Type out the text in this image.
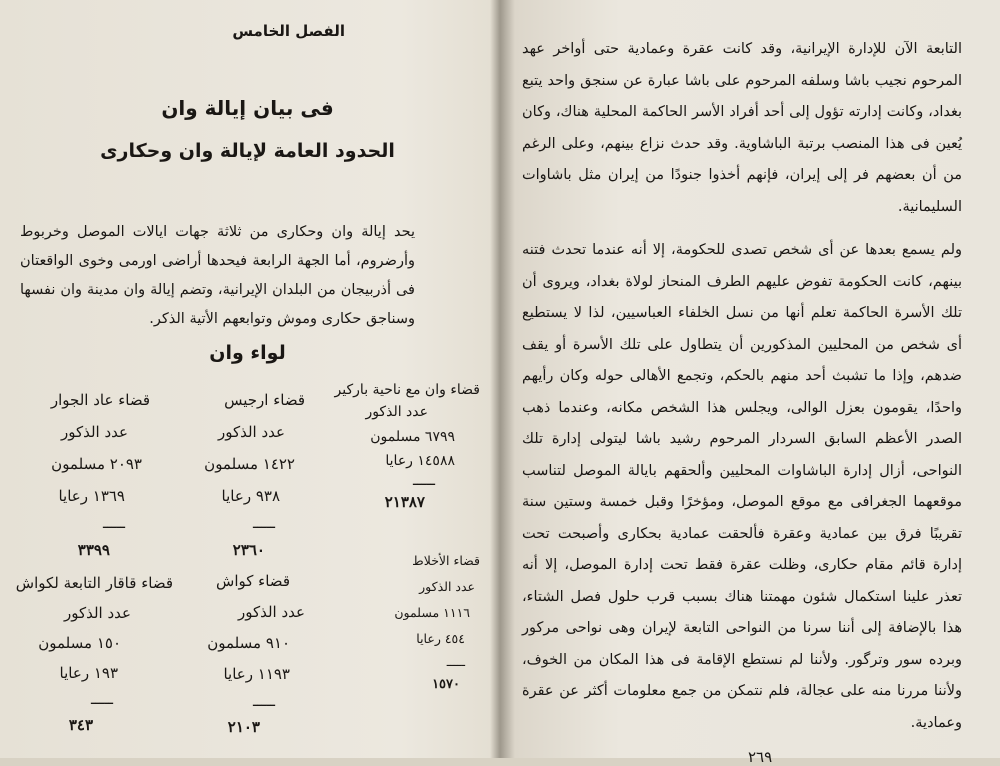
الفصل الخامس
فى بيان إيالة وان
الحدود العامة لإيالة وان وحكارى
يحد إيالة وان وحكارى من ثلاثة جهات ايالات الموصل وخربوط وأرضروم، أما الجهة الرابعة فيحدها أراضى اورمى وخوى الواقعتان فى أذربيجان من البلدان الإيرانية، وتضم إيالة وان مدينة وان نفسها وسناجق حكارى وموش وتوابعهم الأتية الذكر.
لواء وان
قضاء وان مع ناحية باركير
عدد الذكور
٦٧٩٩ مسلمون
١٤٥٨٨ رعايا
ـــــ
٢١٣٨٧
قضاء ارجيس
عدد الذكور
١٤٢٢ مسلمون
٩٣٨ رعايا
ـــــ
٢٣٦٠
قضاء عاد الجوار
عدد الذكور
٢٠٩٣ مسلمون
١٣٦٩ رعايا
ـــــ
٣٣٩٩
قضاء الأخلاط
عدد الذكور
١١١٦ مسلمون
٤٥٤ رعايا
ـــــ
١٥٧٠
قضاء كواش
عدد الذكور
٩١٠ مسلمون
١١٩٣ رعايا
ـــــ
٢١٠٣
قضاء قاقار التابعة لكواش
عدد الذكور
١٥٠ مسلمون
١٩٣ رعايا
ـــــ
٣٤٣

التابعة الآن للإدارة الإيرانية، وقد كانت عقرة وعمادية حتى أواخر عهد المرحوم نجيب باشا وسلفه المرحوم على باشا عبارة عن سنجق واحد يتبع بغداد، وكانت إدارته تؤول إلى أحد أفراد الأسر الحاكمة المحلية هناك، وكان يُعين فى هذا المنصب برتبة الباشاوية. وقد حدث نزاع بينهم، وعلى الرغم من أن بعضهم فر إلى إيران، فإنهم أخذوا جنودًا من إيران مثل باشاوات السليمانية.

ولم يسمع بعدها عن أى شخص تصدى للحكومة، إلا أنه عندما تحدث فتنه بينهم، كانت الحكومة تفوض عليهم الطرف المنحاز لولاة بغداد، ويروى أن تلك الأسرة الحاكمة تعلم أنها من نسل الخلفاء العباسيين، لذا لا يستطيع أى شخص من المحليين المذكورين أن يتطاول على تلك الأسرة أو يقف ضدهم، وإذا ما تشبث أحد منهم بالحكم، وتجمع الأهالى حوله وكان رأيهم واحدًا، يقومون بعزل الوالى، ويجلس هذا الشخص مكانه، وعندما ذهب الصدر الأعظم السابق السردار المرحوم رشيد باشا ليتولى إدارة تلك النواحى، أزال إدارة الباشاوات المحليين وألحقهم بايالة الموصل لتناسب موقعهما الجغرافى مع موقع الموصل، ومؤخرًا وقبل خمسة وستين سنة تقريبًا فرق بين عمادية وعقرة فألحقت عمادية بحكارى وأصبحت تحت إدارة قائم مقام حكارى، وظلت عقرة فقط تحت إدارة الموصل، إلا أنه تعذر علينا استكمال شئون مهمتنا هناك بسبب قرب حلول فصل الشتاء، هذا بالإضافة إلى أننا سرنا من النواحى التابعة لإيران وهى نواحى مركور وبرده سور وترگور. ولأننا لم نستطع الإقامة فى هذا المكان من الخوف، ولأننا مررنا منه على عجالة، فلم نتمكن من جمع معلومات أكثر عن عقرة وعمادية.

٢٦٩
